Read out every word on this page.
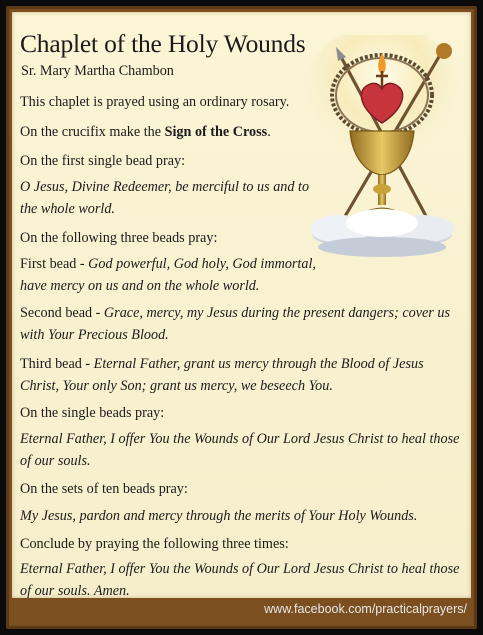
Chaplet of the Holy Wounds
Sr. Mary Martha Chambon
This chaplet is prayed using an ordinary rosary.
On the crucifix make the Sign of the Cross.
On the first single bead pray:
O Jesus, Divine Redeemer, be merciful to us and to
the whole world.
On the following three beads pray:
First bead - God powerful, God holy, God immortal,
have mercy on us and on the whole world.
Second bead - Grace, mercy, my Jesus during the present dangers; cover us
with Your Precious Blood.
Third bead - Eternal Father, grant us mercy through the Blood of Jesus
Christ, Your only Son; grant us mercy, we beseech You.
On the single beads pray:
Eternal Father, I offer You the Wounds of Our Lord Jesus Christ to heal those
of our souls.
On the sets of ten beads pray:
My Jesus, pardon and mercy through the merits of Your Holy Wounds.
Conclude by praying the following three times:
Eternal Father, I offer You the Wounds of Our Lord Jesus Christ to heal those
of our souls. Amen.
www.facebook.com/practicalprayers/
